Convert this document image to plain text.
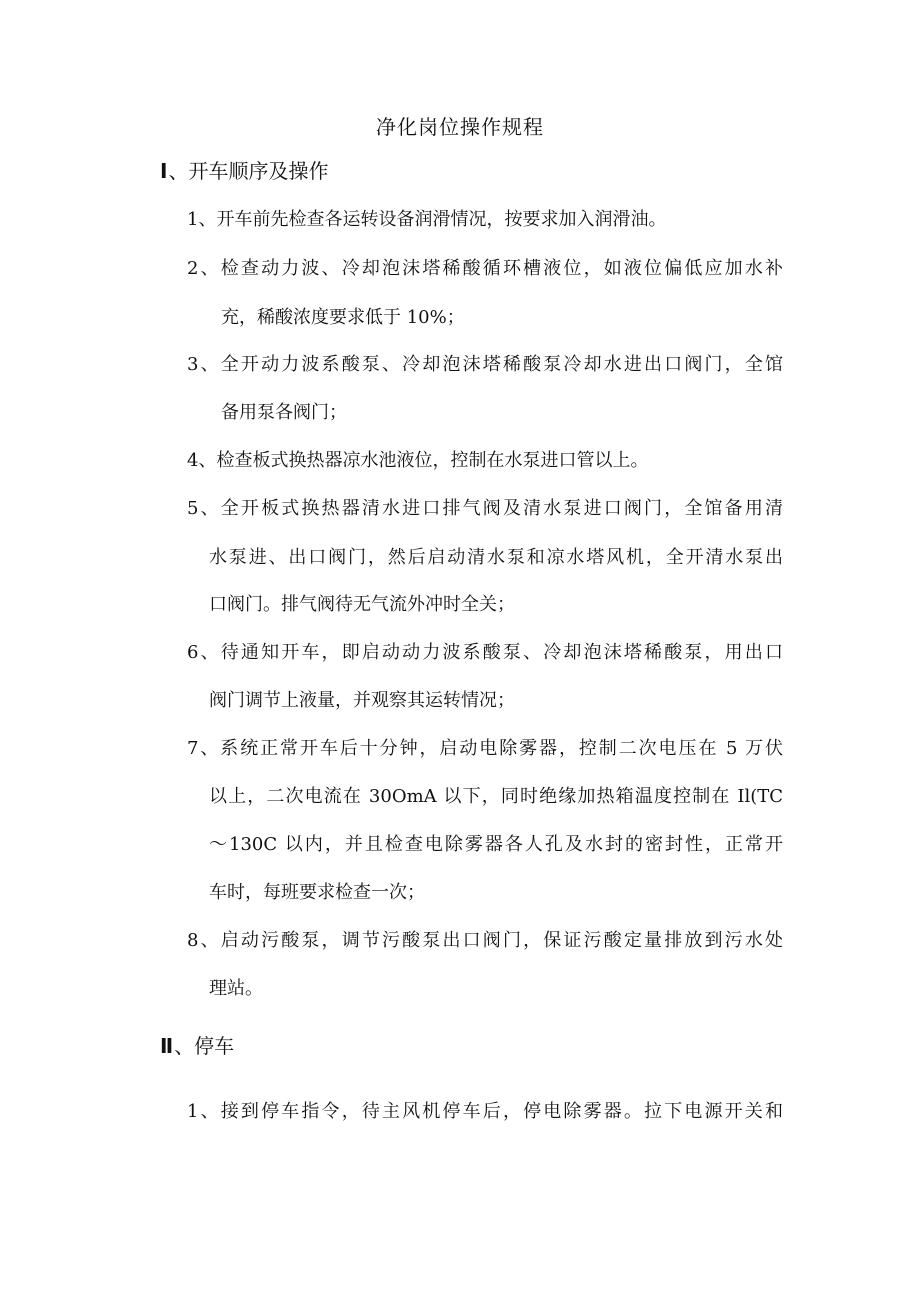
净化岗位操作规程
Ⅰ、开车顺序及操作
1、开车前先检查各运转设备润滑情况，按要求加入润滑油。
2、检查动力波、冷却泡沫塔稀酸循环槽液位，如液位偏低应加水补
充，稀酸浓度要求低于 10%；
3、全开动力波系酸泵、冷却泡沫塔稀酸泵冷却水进出口阀门，全馆
备用泵各阀门；
4、检查板式换热器凉水池液位，控制在水泵进口管以上。
5、全开板式换热器清水进口排气阀及清水泵进口阀门，全馆备用清
水泵进、出口阀门，然后启动清水泵和凉水塔风机，全开清水泵出
口阀门。排气阀待无气流外冲时全关；
6、待通知开车，即启动动力波系酸泵、冷却泡沫塔稀酸泵，用出口
阀门调节上液量，并观察其运转情况；
7、系统正常开车后十分钟，启动电除雾器，控制二次电压在 5 万伏
以上，二次电流在 30OmA 以下，同时绝缘加热箱温度控制在 Il(TC
～130C 以内，并且检查电除雾器各人孔及水封的密封性，正常开
车时，每班要求检查一次；
8、启动污酸泵，调节污酸泵出口阀门，保证污酸定量排放到污水处
理站。
Ⅱ、停车
1、接到停车指令，待主风机停车后，停电除雾器。拉下电源开关和
